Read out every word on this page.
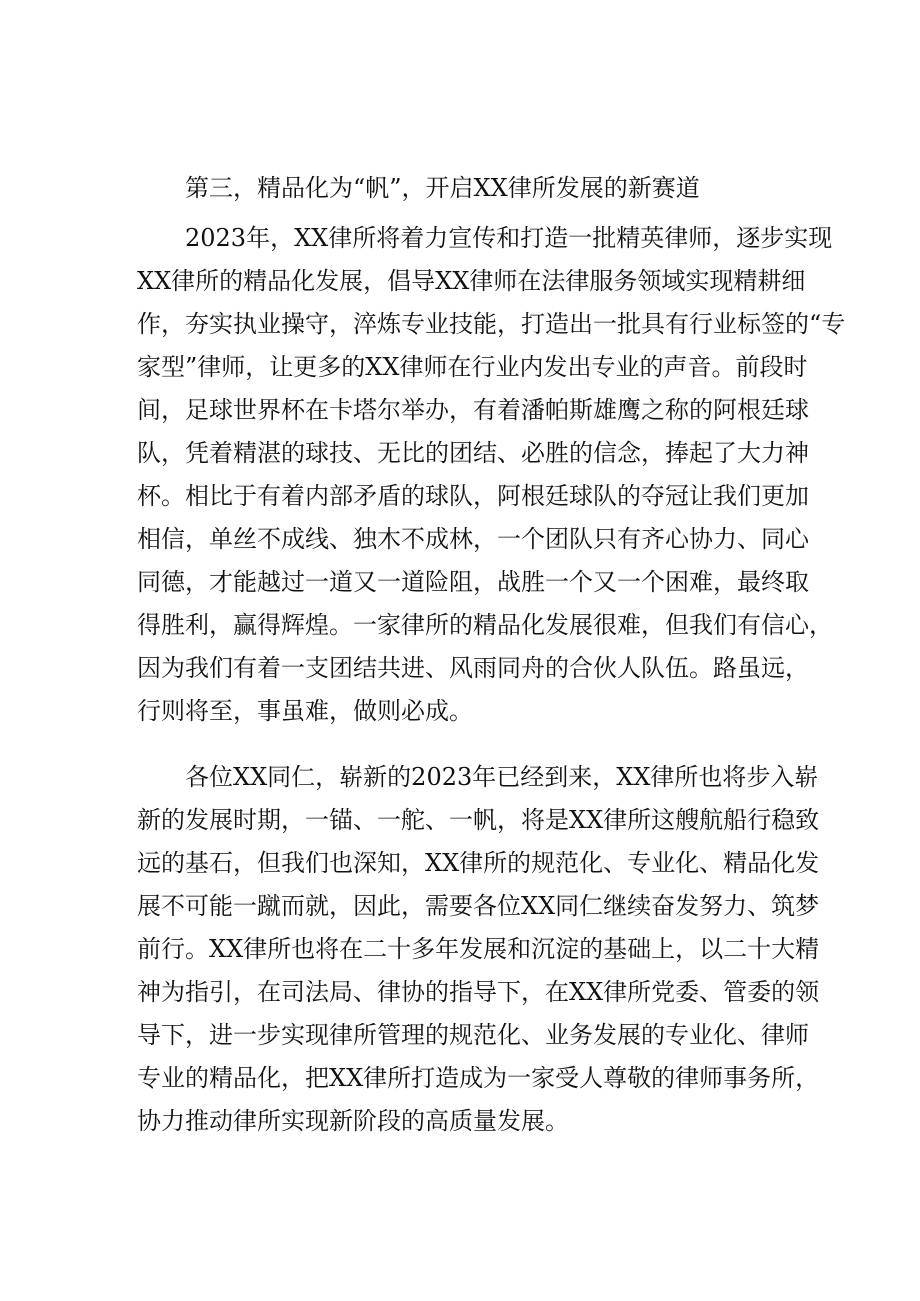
第三，精品化为“帆”，开启XX律所发展的新赛道
2023年，XX律所将着力宣传和打造一批精英律师，逐步实现
XX律所的精品化发展，倡导XX律师在法律服务领域实现精耕细
作，夯实执业操守，淬炼专业技能，打造出一批具有行业标签的“专
家型”律师，让更多的XX律师在行业内发出专业的声音。前段时
间，足球世界杯在卡塔尔举办，有着潘帕斯雄鹰之称的阿根廷球
队，凭着精湛的球技、无比的团结、必胜的信念，捧起了大力神
杯。相比于有着内部矛盾的球队，阿根廷球队的夺冠让我们更加
相信，单丝不成线、独木不成林，一个团队只有齐心协力、同心
同德，才能越过一道又一道险阻，战胜一个又一个困难，最终取
得胜利，赢得辉煌。一家律所的精品化发展很难，但我们有信心，
因为我们有着一支团结共进、风雨同舟的合伙人队伍。路虽远，
行则将至，事虽难，做则必成。
各位XX同仁，崭新的2023年已经到来，XX律所也将步入崭
新的发展时期，一锚、一舵、一帆，将是XX律所这艘航船行稳致
远的基石，但我们也深知，XX律所的规范化、专业化、精品化发
展不可能一蹴而就，因此，需要各位XX同仁继续奋发努力、筑梦
前行。XX律所也将在二十多年发展和沉淀的基础上，以二十大精
神为指引，在司法局、律协的指导下，在XX律所党委、管委的领
导下，进一步实现律所管理的规范化、业务发展的专业化、律师
专业的精品化，把XX律所打造成为一家受人尊敬的律师事务所，
协力推动律所实现新阶段的高质量发展。
